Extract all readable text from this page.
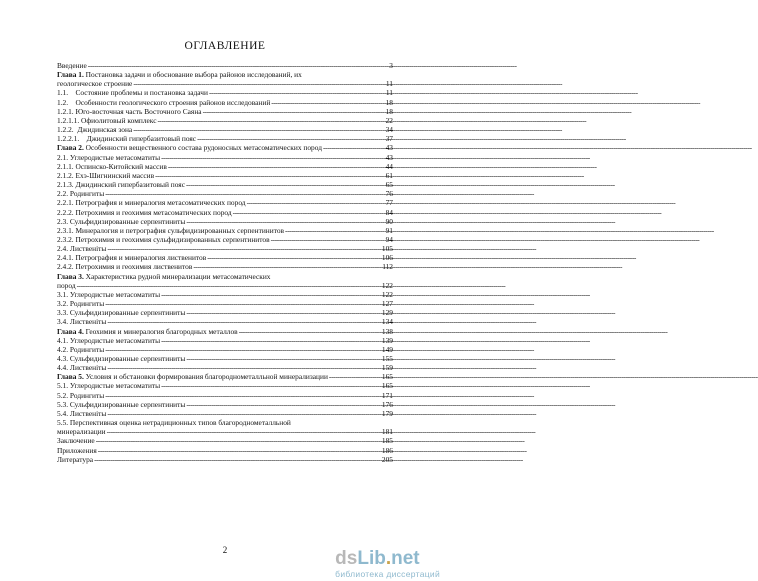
ОГЛАВЛЕНИЕ
Введение -----	3
Глава 1. Постановка задачи и обоснование выбора районов исследований, их
геологическое строение -----	11
1.1.    Состояние проблемы и постановка задачи -----	11
1.2.    Особенности геологического строения районов исследований -----	18
1.2.1. Юго-восточная часть Восточного Саяна -----	18
1.2.1.1. Офиолитовый комплекс -----	22
1.2.2.  Джидинская зона -----	34
1.2.2.1.    Джидинский гипербазитовый пояс -----	37
Глава 2. Особенности вещественного состава рудоносных метасоматических пород -----	43
2.1. Углеродистые метасоматиты -----	43
2.1.1. Оспинско-Китойский массив -----	44
2.1.2. Ехэ-Шигнинский массив -----	61
2.1.3. Джидинский гипербазитовый пояс -----	65
2.2. Родингиты -----	76
2.2.1. Петрография и минералогия метасоматических пород -----	77
2.2.2. Петрохимия и геохимия метасоматических пород -----	84
2.3. Сульфидизированные серпентиниты -----	90
2.3.1. Минералогия и петрография сульфидизированных серпентинитов -----	91
2.3.2. Петрохимия и геохимия сульфидизированных серпентинитов -----	94
2.4. Лиственіты -----	105
2.4.1. Петрография и минералогия лиственитов -----	106
2.4.2. Петрохимия и геохимия лиственитов -----	112
Глава 3. Характеристика рудной минерализации метасоматических
пород -----	122
3.1. Углеродистые метасоматиты -----	122
3.2. Родингиты -----	127
3.3. Сульфидизированные серпентиниты -----	129
3.4. Лиственіты -----	134
Глава 4. Геохимия и минералогия благородных металлов -----	138
4.1. Углеродистые метасоматиты -----	139
4.2. Родингиты -----	149
4.3. Сульфидизированные серпентиниты -----	155
4.4. Лиственіты -----	159
Глава 5. Условия и обстановки формирования благороднометалльной минерализации -----	165
5.1. Углеродистые метасоматиты -----	165
5.2. Родингиты -----	171
5.3. Сульфидизированные серпентиниты -----	176
5.4. Лиственіты -----	179
5.5. Перспективная оценка нетрадиционных типов благороднометалльной
минерализации -----	181
Заключение -----	185
Приложения -----	186
Литература -----	205
2	dsLib.net
библиотека диссертаций
